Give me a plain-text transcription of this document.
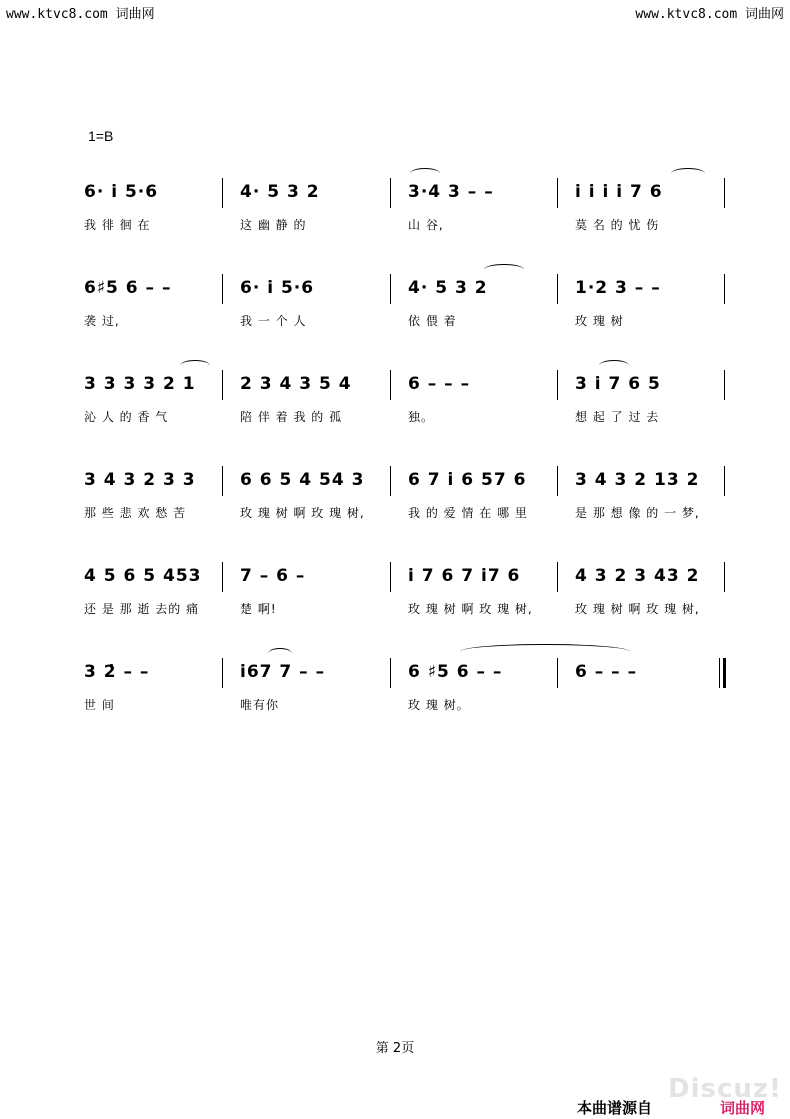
www.ktvc8.com 词曲网	www.ktvc8.com 词曲网
1=B
6· i̇ 5·6
我 徘 徊 在
4· 5 3 2
这 幽 静 的
3·4 3 – –
山 谷,
i̇ i̇ i̇ i̇ 7 6
莫 名 的 忧 伤
6♯5 6 – –
袭 过,
6· i̇ 5·6
我 一 个 人
4· 5 3 2
依 偎 着
1·2 3 – –
玫 瑰 树
3 3 3 3 2 1
沁 人 的 香 气
2 3 4 3 5 4
陪 伴 着 我 的 孤
6 – – –
独。
3 i̇ 7 6 5
想 起 了 过 去
3 4 3 2 3 3
那 些 悲 欢 愁 苦
6 6 5 4 54 3
玫 瑰 树 啊 玫 瑰 树,
6 7 i̇ 6 57 6
我 的 爱 情 在 哪 里
3 4 3 2 13 2
是 那 想 像 的 一 梦,
4 5 6 5 453
还 是 那 逝 去的 痛
7 – 6 –
楚 啊!
i̇ 7 6 7 i̇7 6
玫 瑰 树 啊 玫 瑰 树,
4 3 2 3 43 2
玫 瑰 树 啊 玫 瑰 树,
3 2̇ – –
世 间
i̇67 7 – –
唯有你
6 ♯5 6 – –
玫 瑰 树。
6 – – –
第 2页
Discuz!
本曲谱源自	词曲网
